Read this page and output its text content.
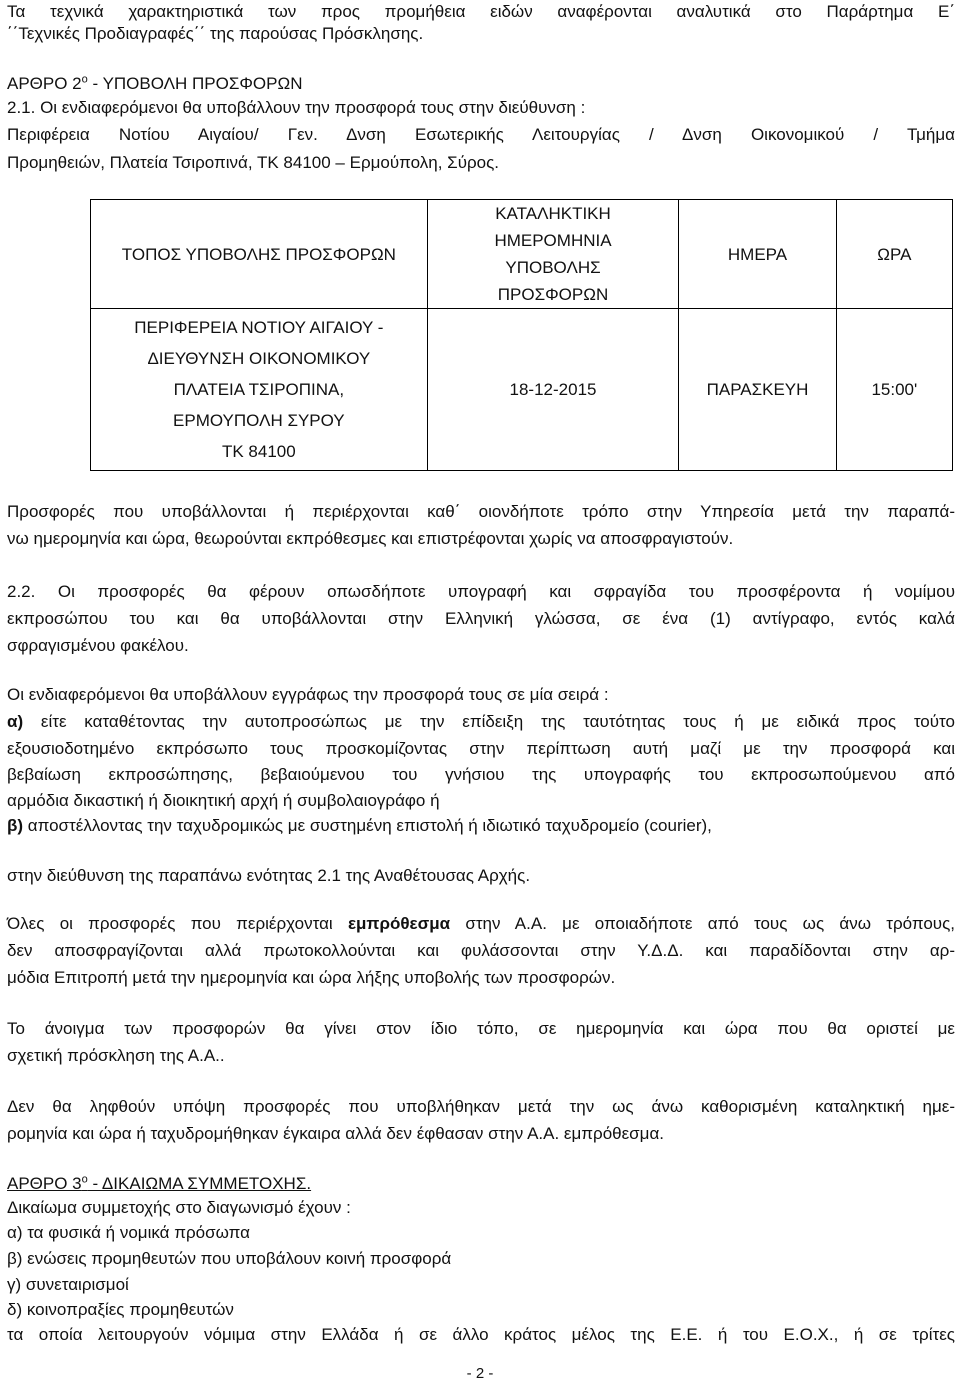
Τα τεχνικά χαρακτηριστικά των προς προμήθεια ειδών αναφέρονται αναλυτικά στο Παράρτημα Ε΄
΄΄Τεχνικές Προδιαγραφές΄΄ της παρούσας Πρόσκλησης.
ΑΡΘΡΟ $2^o$ - ΥΠΟΒΟΛΗ ΠΡΟΣΦΟΡΩΝ
2.1. Οι ενδιαφερόμενοι θα υποβάλλουν την προσφορά τους στην διεύθυνση :
Περιφέρεια Νοτίου Αιγαίου/ Γεν. Δνση Εσωτερικής Λειτουργίας / Δνση Οικονομικού / Τμήμα
Προμηθειών, Πλατεία Τσιροπινά, ΤΚ 84100 – Ερμούπολη, Σύρος.
ΤΟΠΟΣ ΥΠΟΒΟΛΗΣ ΠΡΟΣΦΟΡΩΝ	ΚΑΤΑΛΗΚΤΙΚΗ
ΗΜΕΡΟΜΗΝΙΑ
ΥΠΟΒΟΛΗΣ
ΠΡΟΣΦΟΡΩΝ	ΗΜΕΡΑ	ΩΡΑ
ΠΕΡΙΦΕΡΕΙΑ ΝΟΤΙΟΥ ΑΙΓΑΙΟΥ -
ΔΙΕΥΘΥΝΣΗ ΟΙΚΟΝΟΜΙΚΟΥ
ΠΛΑΤΕΙΑ ΤΣΙΡΟΠΙΝΑ,
ΕΡΜΟΥΠΟΛΗ ΣΥΡΟΥ
ΤΚ 84100	18-12-2015	ΠΑΡΑΣΚΕΥΗ	15:00'
Προσφορές που υποβάλλονται ή περιέρχονται καθ΄ οιονδήποτε τρόπο στην Υπηρεσία μετά την παραπά-
νω ημερομηνία και ώρα, θεωρούνται εκπρόθεσμες και επιστρέφονται χωρίς να αποσφραγιστούν.
2.2. Οι προσφορές θα φέρουν οπωσδήποτε υπογραφή και σφραγίδα του προσφέροντα ή νομίμου
εκπροσώπου του και θα υποβάλλονται στην Ελληνική γλώσσα, σε ένα (1) αντίγραφο, εντός καλά
σφραγισμένου φακέλου.
Οι ενδιαφερόμενοι θα υποβάλλουν εγγράφως την προσφορά τους σε μία σειρά :
α) είτε καταθέτοντας την αυτοπροσώπως με την επίδειξη της ταυτότητας τους ή με ειδικά προς τούτο
εξουσιοδοτημένο εκπρόσωπο τους προσκομίζοντας στην περίπτωση αυτή μαζί με την προσφορά και
βεβαίωση εκπροσώπησης, βεβαιούμενου του γνήσιου της υπογραφής του εκπροσωπούμενου από
αρμόδια δικαστική ή διοικητική αρχή ή συμβολαιογράφο ή
β) αποστέλλοντας την ταχυδρομικώς με συστημένη επιστολή ή ιδιωτικό ταχυδρομείο (courier),
στην διεύθυνση της παραπάνω ενότητας 2.1 της Αναθέτουσας Αρχής.
Όλες οι προσφορές που περιέρχονται εμπρόθεσμα στην Α.Α. με οποιαδήποτε από τους ως άνω τρόπους,
δεν αποσφραγίζονται αλλά πρωτοκολλούνται και φυλάσσονται στην Υ.Δ.Δ. και παραδίδονται στην αρ-
μόδια Επιτροπή μετά την ημερομηνία και ώρα λήξης υποβολής των προσφορών.
Το άνοιγμα των προσφορών θα γίνει στον ίδιο τόπο, σε ημερομηνία και ώρα που θα οριστεί με
σχετική πρόσκληση της Α.Α..
Δεν θα ληφθούν υπόψη προσφορές που υποβλήθηκαν μετά την ως άνω καθορισμένη καταληκτική ημε-
ρομηνία και ώρα ή ταχυδρομήθηκαν έγκαιρα αλλά δεν έφθασαν στην Α.Α. εμπρόθεσμα.
ΑΡΘΡΟ $3^o$ - ΔΙΚΑΙΩΜΑ ΣΥΜΜΕΤΟΧΗΣ.
Δικαίωμα συμμετοχής στο διαγωνισμό έχουν :
α) τα φυσικά ή νομικά πρόσωπα
β) ενώσεις προμηθευτών που υποβάλουν κοινή προσφορά
γ) συνεταιρισμοί
δ) κοινοπραξίες προμηθευτών
τα οποία λειτουργούν νόμιμα στην Ελλάδα ή σε άλλο κράτος μέλος της Ε.Ε. ή του Ε.Ο.Χ., ή σε τρίτες
- 2 -
